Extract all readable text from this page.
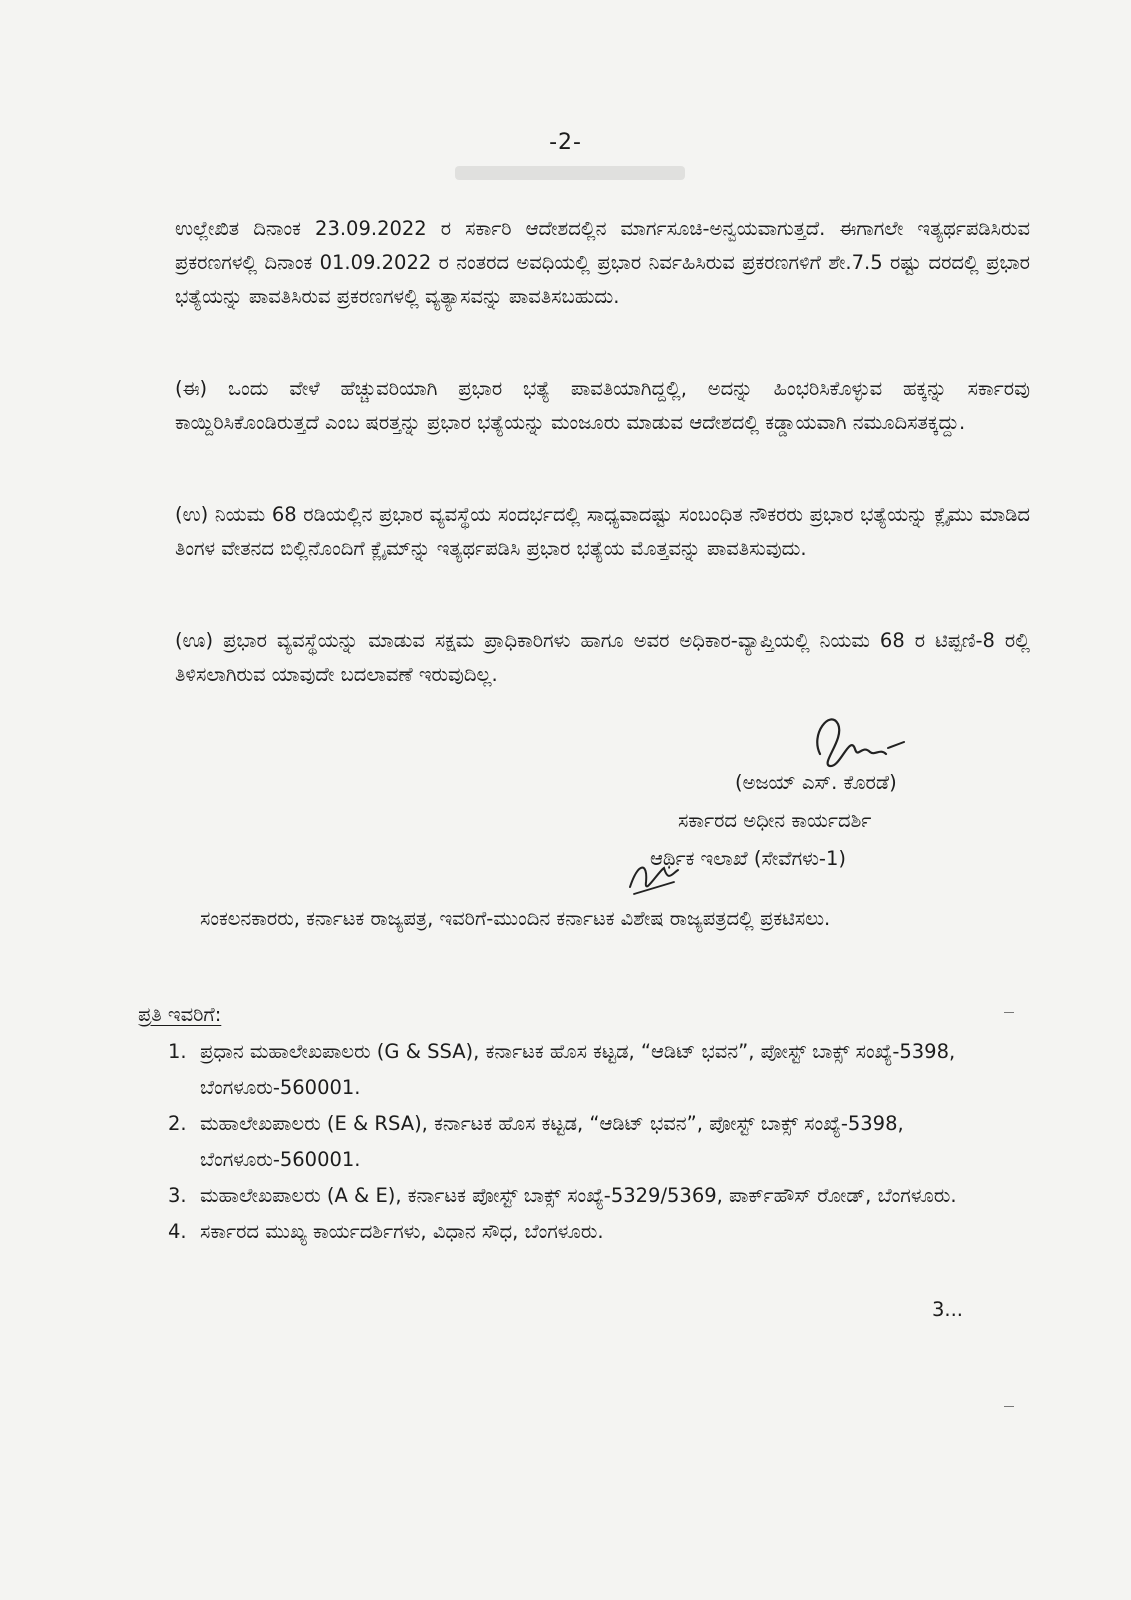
-2-

ಉಲ್ಲೇಖಿತ ದಿನಾಂಕ 23.09.2022 ರ ಸರ್ಕಾರಿ ಆದೇಶದಲ್ಲಿನ ಮಾರ್ಗಸೂಚಿ-ಅನ್ವಯವಾಗುತ್ತದೆ. ಈಗಾಗಲೇ ಇತ್ಯರ್ಥಪಡಿಸಿರುವ ಪ್ರಕರಣಗಳಲ್ಲಿ ದಿನಾಂಕ 01.09.2022 ರ ನಂತರದ ಅವಧಿಯಲ್ಲಿ ಪ್ರಭಾರ ನಿರ್ವಹಿಸಿರುವ ಪ್ರಕರಣಗಳಿಗೆ ಶೇ.7.5 ರಷ್ಟು ದರದಲ್ಲಿ ಪ್ರಭಾರ ಭತ್ಯೆಯನ್ನು ಪಾವತಿಸಿರುವ ಪ್ರಕರಣಗಳಲ್ಲಿ ವ್ಯತ್ಯಾಸವನ್ನು ಪಾವತಿಸಬಹುದು.

(ಈ) ಒಂದು ವೇಳೆ ಹೆಚ್ಚುವರಿಯಾಗಿ ಪ್ರಭಾರ ಭತ್ಯೆ ಪಾವತಿಯಾಗಿದ್ದಲ್ಲಿ, ಅದನ್ನು ಹಿಂಭರಿಸಿಕೊಳ್ಳುವ ಹಕ್ಕನ್ನು ಸರ್ಕಾರವು ಕಾಯ್ದಿರಿಸಿಕೊಂಡಿರುತ್ತದೆ ಎಂಬ ಷರತ್ತನ್ನು ಪ್ರಭಾರ ಭತ್ಯೆಯನ್ನು ಮಂಜೂರು ಮಾಡುವ ಆದೇಶದಲ್ಲಿ ಕಡ್ಡಾಯವಾಗಿ ನಮೂದಿಸತಕ್ಕದ್ದು.

(ಉ) ನಿಯಮ 68 ರಡಿಯಲ್ಲಿನ ಪ್ರಭಾರ ವ್ಯವಸ್ಥೆಯ ಸಂದರ್ಭದಲ್ಲಿ ಸಾಧ್ಯವಾದಷ್ಟು ಸಂಬಂಧಿತ ನೌಕರರು ಪ್ರಭಾರ ಭತ್ಯೆಯನ್ನು ಕ್ಲೈಮು ಮಾಡಿದ ತಿಂಗಳ ವೇತನದ ಬಿಲ್ಲಿನೊಂದಿಗೆ ಕ್ಲೈಮ್‌ನ್ನು ಇತ್ಯರ್ಥಪಡಿಸಿ ಪ್ರಭಾರ ಭತ್ಯೆಯ ಮೊತ್ತವನ್ನು ಪಾವತಿಸುವುದು.

(ಊ) ಪ್ರಭಾರ ವ್ಯವಸ್ಥೆಯನ್ನು ಮಾಡುವ ಸಕ್ಷಮ ಪ್ರಾಧಿಕಾರಿಗಳು ಹಾಗೂ ಅವರ ಅಧಿಕಾರ-ವ್ಯಾಪ್ತಿಯಲ್ಲಿ ನಿಯಮ 68 ರ ಟಿಪ್ಪಣಿ-8 ರಲ್ಲಿ ತಿಳಿಸಲಾಗಿರುವ ಯಾವುದೇ ಬದಲಾವಣೆ ಇರುವುದಿಲ್ಲ.

(ಅಜಯ್ ಎಸ್. ಕೊರಡೆ)
ಸರ್ಕಾರದ ಅಧೀನ ಕಾರ್ಯದರ್ಶಿ
ಆರ್ಥಿಕ ಇಲಾಖೆ (ಸೇವೆಗಳು-1)

ಸಂಕಲನಕಾರರು, ಕರ್ನಾಟಕ ರಾಜ್ಯಪತ್ರ, ಇವರಿಗೆ-ಮುಂದಿನ ಕರ್ನಾಟಕ ವಿಶೇಷ ರಾಜ್ಯಪತ್ರದಲ್ಲಿ ಪ್ರಕಟಿಸಲು.

ಪ್ರತಿ ಇವರಿಗೆ:
1. ಪ್ರಧಾನ ಮಹಾಲೇಖಪಾಲರು (G & SSA), ಕರ್ನಾಟಕ ಹೊಸ ಕಟ್ಟಡ, “ಆಡಿಟ್ ಭವನ”, ಪೋಸ್ಟ್ ಬಾಕ್ಸ್ ಸಂಖ್ಯೆ-5398, ಬೆಂಗಳೂರು-560001.
2. ಮಹಾಲೇಖಪಾಲರು (E & RSA), ಕರ್ನಾಟಕ ಹೊಸ ಕಟ್ಟಡ, “ಆಡಿಟ್ ಭವನ”, ಪೋಸ್ಟ್ ಬಾಕ್ಸ್ ಸಂಖ್ಯೆ-5398, ಬೆಂಗಳೂರು-560001.
3. ಮಹಾಲೇಖಪಾಲರು (A & E), ಕರ್ನಾಟಕ ಪೋಸ್ಟ್ ಬಾಕ್ಸ್ ಸಂಖ್ಯೆ-5329/5369, ಪಾರ್ಕ್‌ಹೌಸ್ ರೋಡ್, ಬೆಂಗಳೂರು.
4. ಸರ್ಕಾರದ ಮುಖ್ಯ ಕಾರ್ಯದರ್ಶಿಗಳು, ವಿಧಾನ ಸೌಧ, ಬೆಂಗಳೂರು.
3...
